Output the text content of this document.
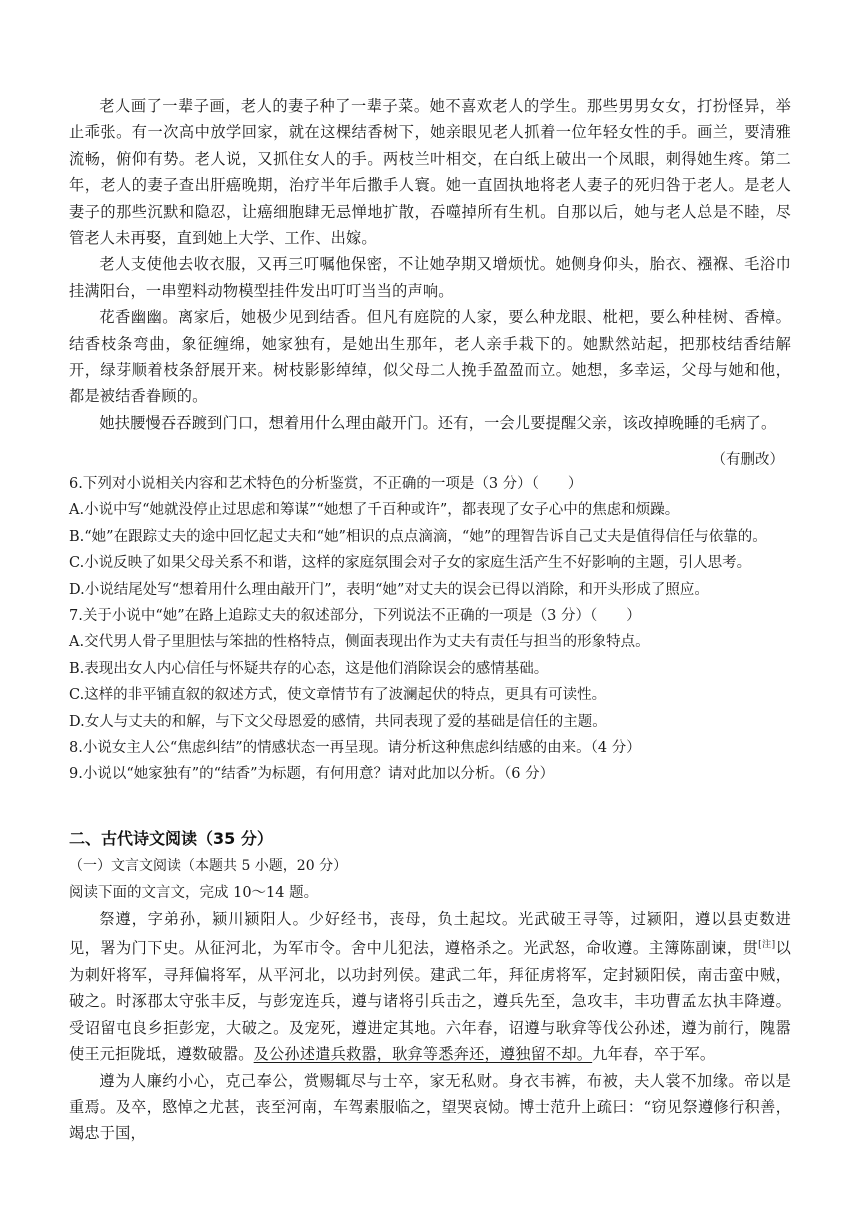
老人画了一辈子画，老人的妻子种了一辈子菜。她不喜欢老人的学生。那些男男女女，打扮怪异，举止乖张。有一次高中放学回家，就在这棵结香树下，她亲眼见老人抓着一位年轻女性的手。画兰，要清雅流畅，俯仰有势。老人说，又抓住女人的手。两枝兰叶相交，在白纸上破出一个凤眼，刺得她生疼。第二年，老人的妻子查出肝癌晚期，治疗半年后撒手人寰。她一直固执地将老人妻子的死归咎于老人。是老人妻子的那些沉默和隐忍，让癌细胞肆无忌惮地扩散，吞噬掉所有生机。自那以后，她与老人总是不睦，尽管老人未再娶，直到她上大学、工作、出嫁。

老人支使他去收衣服，又再三叮嘱他保密，不让她孕期又增烦忧。她侧身仰头，胎衣、襁褓、毛浴巾挂满阳台，一串塑料动物模型挂件发出叮叮当当的声响。

花香幽幽。离家后，她极少见到结香。但凡有庭院的人家，要么种龙眼、枇杷，要么种桂树、香樟。结香枝条弯曲，象征缠绵，她家独有，是她出生那年，老人亲手栽下的。她默然站起，把那枝结香结解开，绿芽顺着枝条舒展开来。树枝影影绰绰，似父母二人挽手盈盈而立。她想，多幸运，父母与她和他，都是被结香眷顾的。

她扶腰慢吞吞踱到门口，想着用什么理由敲开门。还有，一会儿要提醒父亲，该改掉晚睡的毛病了。

（有删改）

6.下列对小说相关内容和艺术特色的分析鉴赏，不正确的一项是（3 分）（　　）

A.小说中写“她就没停止过思虑和筹谋”“她想了千百种或许”，都表现了女子心中的焦虑和烦躁。

B.“她”在跟踪丈夫的途中回忆起丈夫和“她”相识的点点滴滴，“她”的理智告诉自己丈夫是值得信任与依靠的。

C.小说反映了如果父母关系不和谐，这样的家庭氛围会对子女的家庭生活产生不好影响的主题，引人思考。

D.小说结尾处写“想着用什么理由敲开门”，表明“她”对丈夫的误会已得以消除，和开头形成了照应。

7.关于小说中“她”在路上追踪丈夫的叙述部分，下列说法不正确的一项是（3 分）（　　）

A.交代男人骨子里胆怯与笨拙的性格特点，侧面表现出作为丈夫有责任与担当的形象特点。

B.表现出女人内心信任与怀疑共存的心态，这是他们消除误会的感情基础。

C.这样的非平铺直叙的叙述方式，使文章情节有了波澜起伏的特点，更具有可读性。

D.女人与丈夫的和解，与下文父母恩爱的感情，共同表现了爱的基础是信任的主题。

8.小说女主人公“焦虑纠结”的情感状态一再呈现。请分析这种焦虑纠结感的由来。（4 分）

9.小说以“她家独有”的“结香”为标题，有何用意？请对此加以分析。（6 分）

二、古代诗文阅读（35 分）
（一）文言文阅读（本题共 5 小题，20 分）
阅读下面的文言文，完成 10～14 题。

祭遵，字弟孙，颍川颍阳人。少好经书，丧母，负土起坟。光武破王寻等，过颍阳，遵以县吏数进见，署为门下史。从征河北，为军市令。舍中儿犯法，遵格杀之。光武怒，命收遵。主簿陈副谏，贯[注]以为刺奸将军，寻拜偏将军，从平河北，以功封列侯。建武二年，拜征虏将军，定封颍阳侯，南击蛮中贼，破之。时涿郡太守张丰反，与彭宠连兵，遵与诸将引兵击之，遵兵先至，急攻丰，丰功曹孟厷执丰降遵。受诏留屯良乡拒彭宠，大破之。及宠死，遵进定其地。六年春，诏遵与耿弇等伐公孙述，遵为前行，隗嚣使王元拒陇坻，遵数破嚣。及公孙述遣兵救嚣，耿弇等悉奔还，遵独留不却。九年春，卒于军。

遵为人廉约小心，克己奉公，赏赐辄尽与士卒，家无私财。身衣韦裤，布被，夫人裳不加缘。帝以是重焉。及卒，愍悼之尤甚，丧至河南，车驾素服临之，望哭哀恸。博士范升上疏曰：“窃见祭遵修行积善，竭忠于国，
